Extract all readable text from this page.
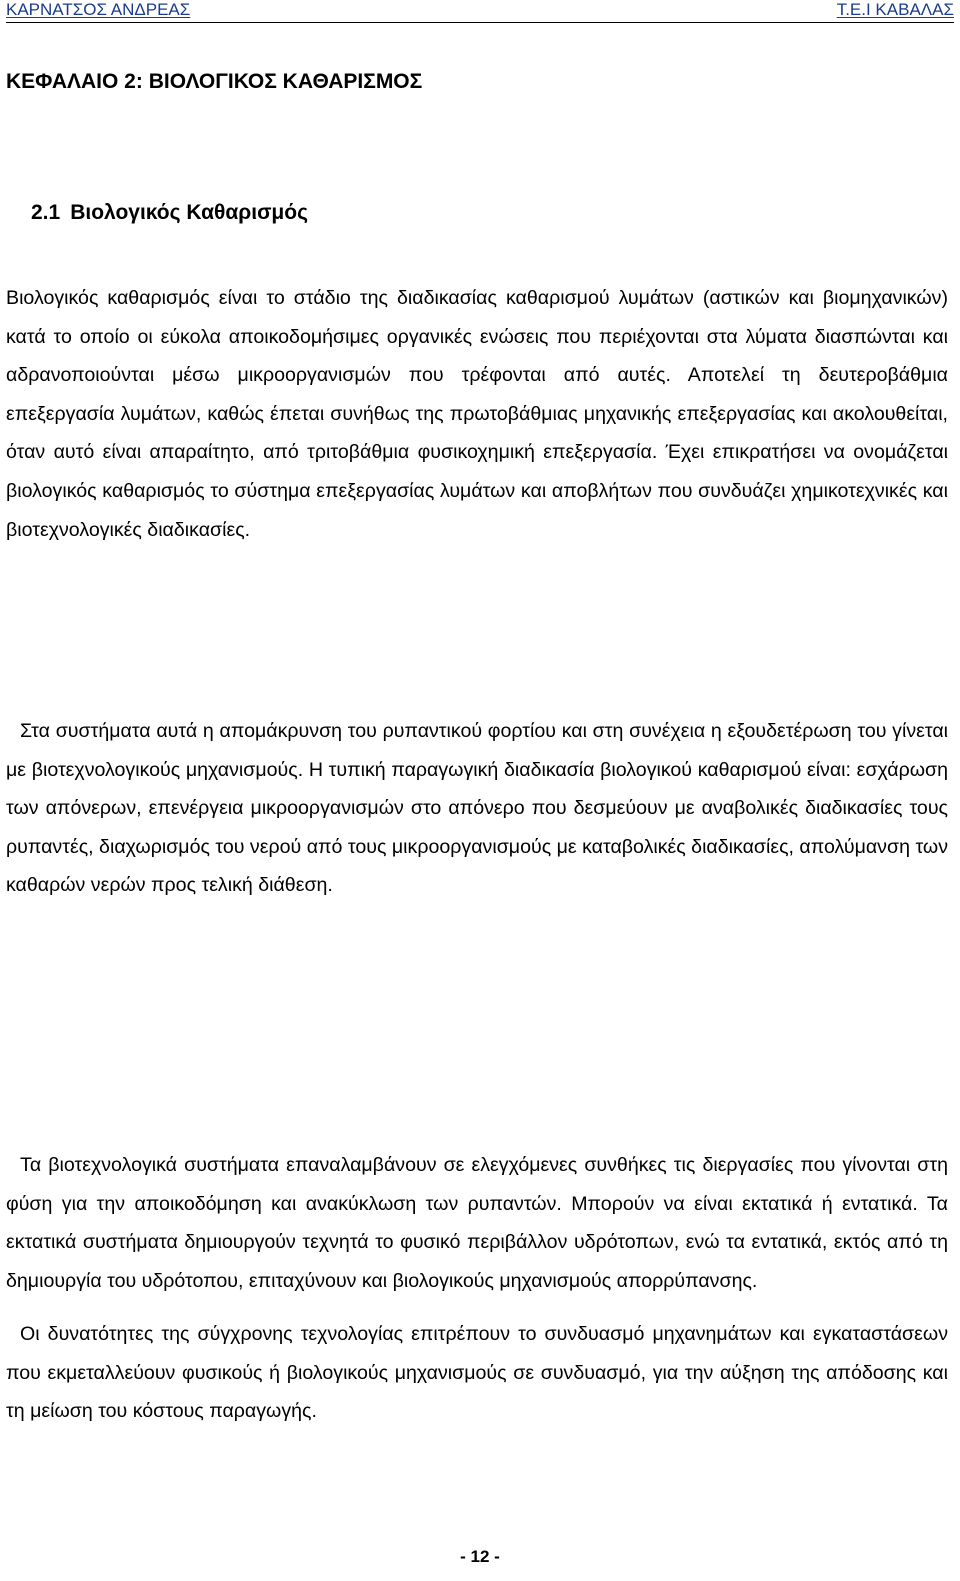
ΚΑΡΝΑΤΣΟΣ ΑΝΔΡΕΑΣ	Τ.Ε.Ι ΚΑΒΑΛΑΣ
ΚΕΦΑΛΑΙΟ 2: ΒΙΟΛΟΓΙΚΟΣ ΚΑΘΑΡΙΣΜΟΣ
2.1 Βιολογικός Καθαρισμός

Βιολογικός καθαρισμός είναι το στάδιο της διαδικασίας καθαρισμού λυμάτων (αστικών και βιομηχανικών) κατά το οποίο οι εύκολα αποικοδομήσιμες οργανικές ενώσεις που περιέχονται στα λύματα διασπώνται και αδρανοποιούνται μέσω μικροοργανισμών που τρέφονται από αυτές. Αποτελεί τη δευτεροβάθμια επεξεργασία λυμάτων, καθώς έπεται συνήθως της πρωτοβάθμιας μηχανικής επεξεργασίας και ακολουθείται, όταν αυτό είναι απαραίτητο, από τριτοβάθμια φυσικοχημική επεξεργασία. Έχει επικρατήσει να ονομάζεται βιολογικός καθαρισμός το σύστημα επεξεργασίας λυμάτων και αποβλήτων που συνδυάζει χημικοτεχνικές και βιοτεχνολογικές διαδικασίες.

Στα συστήματα αυτά η απομάκρυνση του ρυπαντικού φορτίου και στη συνέχεια η εξουδετέρωση του γίνεται με βιοτεχνολογικούς μηχανισμούς. Η τυπική παραγωγική διαδικασία βιολογικού καθαρισμού είναι: εσχάρωση των απόνερων, επενέργεια μικροοργανισμών στο απόνερο που δεσμεύουν με αναβολικές διαδικασίες τους ρυπαντές, διαχωρισμός του νερού από τους μικροοργανισμούς με καταβολικές διαδικασίες, απολύμανση των καθαρών νερών προς τελική διάθεση.

Τα βιοτεχνολογικά συστήματα επαναλαμβάνουν σε ελεγχόμενες συνθήκες τις διεργασίες που γίνονται στη φύση για την αποικοδόμηση και ανακύκλωση των ρυπαντών. Μπορούν να είναι εκτατικά ή εντατικά. Τα εκτατικά συστήματα δημιουργούν τεχνητά το φυσικό περιβάλλον υδρότοπων, ενώ τα εντατικά, εκτός από τη δημιουργία του υδρότοπου, επιταχύνουν και βιολογικούς μηχανισμούς απορρύπανσης.

Οι δυνατότητες της σύγχρονης τεχνολογίας επιτρέπουν το συνδυασμό μηχανημάτων και εγκαταστάσεων που εκμεταλλεύουν φυσικούς ή βιολογικούς μηχανισμούς σε συνδυασμό, για την αύξηση της απόδοσης και τη μείωση του κόστους παραγωγής.

- 12 -
